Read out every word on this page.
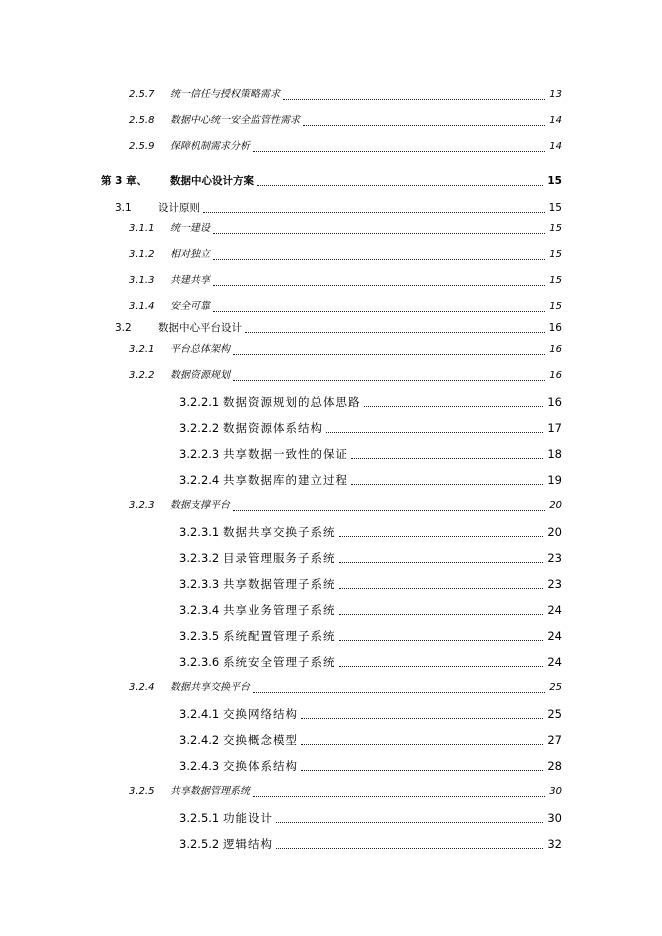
2.5.7 统一信任与授权策略需求	13
2.5.8 数据中心统一安全监管性需求	14
2.5.9 保障机制需求分析	14
第 3 章、 数据中心设计方案	15
3.1	设计原则	15
3.1.1 统一建设	15
3.1.2 相对独立	15
3.1.3 共建共享	15
3.1.4 安全可靠	15
3.2	数据中心平台设计	16
3.2.1 平台总体架构	16
3.2.2 数据资源规划	16
3.2.2.1 数据资源规划的总体思路	16
3.2.2.2 数据资源体系结构	17
3.2.2.3 共享数据一致性的保证	18
3.2.2.4 共享数据库的建立过程	19
3.2.3 数据支撑平台	20
3.2.3.1 数据共享交换子系统	20
3.2.3.2 目录管理服务子系统	23
3.2.3.3 共享数据管理子系统	23
3.2.3.4 共享业务管理子系统	24
3.2.3.5 系统配置管理子系统	24
3.2.3.6 系统安全管理子系统	24
3.2.4 数据共享交换平台	25
3.2.4.1 交换网络结构	25
3.2.4.2 交换概念模型	27
3.2.4.3 交换体系结构	28
3.2.5 共享数据管理系统	30
3.2.5.1 功能设计	30
3.2.5.2 逻辑结构	32
